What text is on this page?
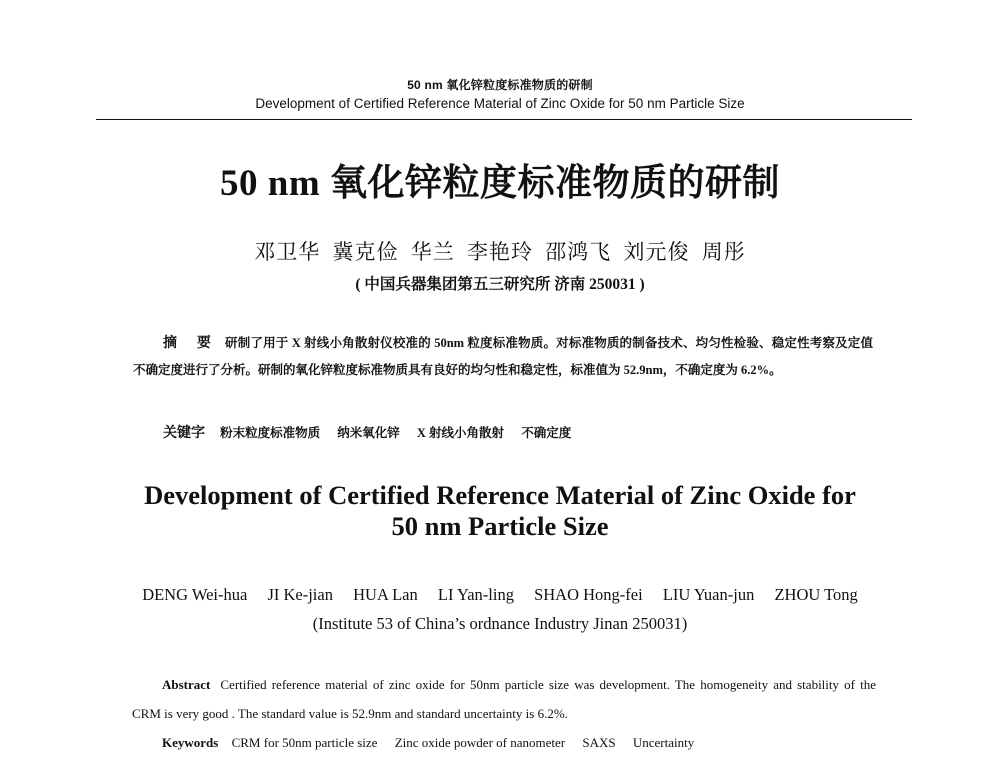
50 nm 氧化锌粒度标准物质的研制
Development of Certified Reference Material of Zinc Oxide for 50 nm Particle Size
50 nm 氧化锌粒度标准物质的研制
邓卫华 冀克俭 华兰 李艳玲 邵鸿飞 刘元俊 周彤
( 中国兵器集团第五三研究所 济南 250031 )
摘 要 研制了用于 X 射线小角散射仪校准的 50nm 粒度标准物质。对标准物质的制备技术、均匀性检验、稳定性考察及定值不确定度进行了分析。研制的氧化锌粒度标准物质具有良好的均匀性和稳定性，标准值为 52.9nm，不确定度为 6.2%。
关键字 粉末粒度标准物质 纳米氧化锌 X 射线小角散射 不确定度
Development of Certified Reference Material of Zinc Oxide for
50 nm Particle Size
DENG Wei-hua JI Ke-jian HUA Lan LI Yan-ling SHAO Hong-fei LIU Yuan-jun ZHOU Tong
(Institute 53 of China’s ordnance Industry Jinan 250031)
Abstract Certified reference material of zinc oxide for 50nm particle size was development. The homogeneity and stability of the CRM is very good . The standard value is 52.9nm and standard uncertainty is 6.2%.
Keywords CRM for 50nm particle size Zinc oxide powder of nanometer SAXS Uncertainty
